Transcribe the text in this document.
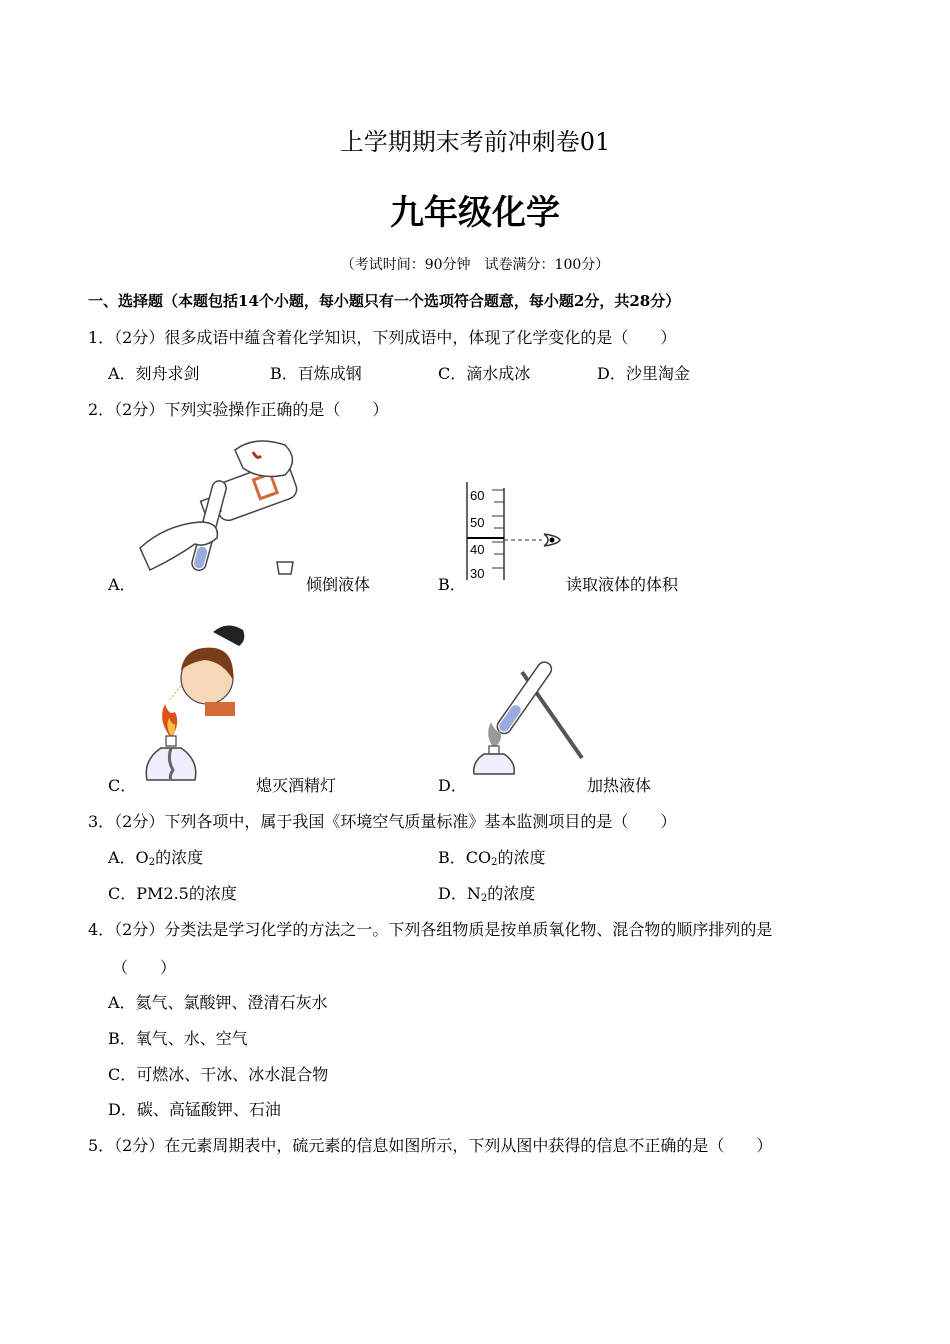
上学期期末考前冲刺卷01
九年级化学
（考试时间：90分钟　试卷满分：100分）
一、选择题（本题包括14个小题，每小题只有一个选项符合题意，每小题2分，共28分）
1．（2分）很多成语中蕴含着化学知识，下列成语中，体现了化学变化的是（　　）
A．刻舟求剑	B．百炼成钢	C．滴水成冰	D．沙里淘金
2．（2分）下列实验操作正确的是（　　）
A．	倾倒液体	B．
60
50
40
30
读取液体的体积
C．	熄灭酒精灯	D．	加热液体
3．（2分）下列各项中，属于我国《环境空气质量标准》基本监测项目的是（　　）
A．$O_2$的浓度	B．$CO_2$的浓度
C．PM2.5的浓度	D．$N_2$的浓度
4．（2分）分类法是学习化学的方法之一。下列各组物质是按单质氧化物、混合物的顺序排列的是
（　　）
A．氦气、氯酸钾、澄清石灰水
B．氧气、水、空气
C．可燃冰、干冰、冰水混合物
D．碳、高锰酸钾、石油
5．（2分）在元素周期表中，硫元素的信息如图所示，下列从图中获得的信息不正确的是（　　）
